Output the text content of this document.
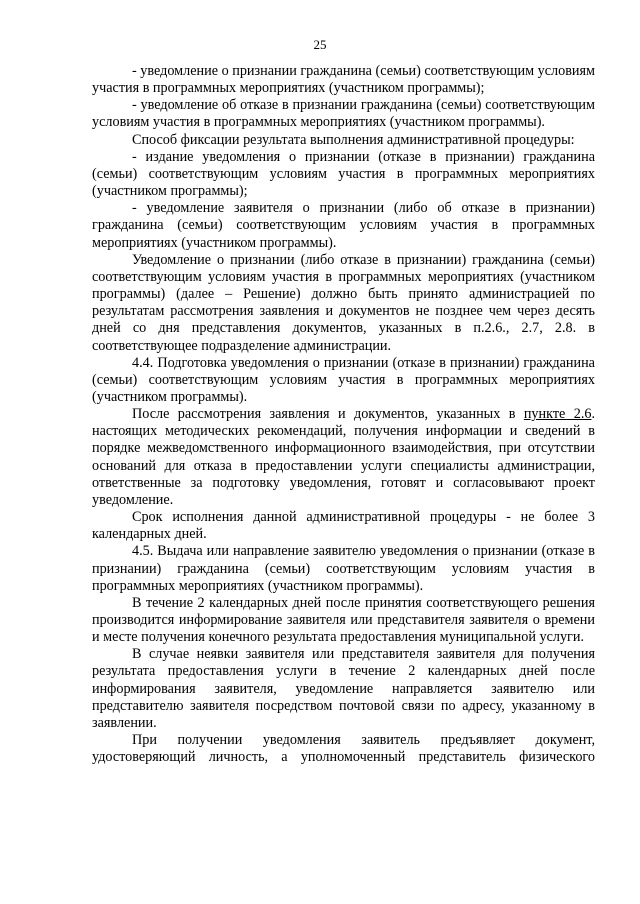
25

- уведомление о признании гражданина (семьи) соответствующим условиям участия в программных мероприятиях (участником программы);

- уведомление об отказе в признании гражданина (семьи) соответствующим условиям участия в программных мероприятиях (участником программы).

Способ фиксации результата выполнения административной процедуры:

- издание уведомления о признании (отказе в признании) гражданина (семьи) соответствующим условиям участия в программных мероприятиях (участником программы);

- уведомление заявителя о признании (либо об отказе в признании) гражданина (семьи) соответствующим условиям участия в программных мероприятиях (участником программы).

Уведомление о признании (либо отказе в признании) гражданина (семьи) соответствующим условиям участия в программных мероприятиях (участником программы) (далее – Решение) должно быть принято администрацией по результатам рассмотрения заявления и документов не позднее чем через десять дней со дня представления документов, указанных в п.2.6., 2.7, 2.8. в соответствующее подразделение администрации.

4.4. Подготовка уведомления о признании (отказе в признании) гражданина (семьи) соответствующим условиям участия в программных мероприятиях (участником программы).

После рассмотрения заявления и документов, указанных в пункте 2.6. настоящих методических рекомендаций, получения информации и сведений в порядке межведомственного информационного взаимодействия, при отсутствии оснований для отказа в предоставлении услуги специалисты администрации, ответственные за подготовку уведомления, готовят и согласовывают проект уведомление.

Срок исполнения данной административной процедуры - не более 3 календарных дней.

4.5. Выдача или направление заявителю уведомления о признании (отказе в признании) гражданина (семьи) соответствующим условиям участия в программных мероприятиях (участником программы).

В течение 2 календарных дней после принятия соответствующего решения производится информирование заявителя или представителя заявителя о времени и месте получения конечного результата предоставления муниципальной услуги.

В случае неявки заявителя или представителя заявителя для получения результата предоставления услуги в течение 2 календарных дней после информирования заявителя, уведомление направляется заявителю или представителю заявителя посредством почтовой связи по адресу, указанному в заявлении.

При получении уведомления заявитель предъявляет документ, удостоверяющий личность, а уполномоченный представитель физического
